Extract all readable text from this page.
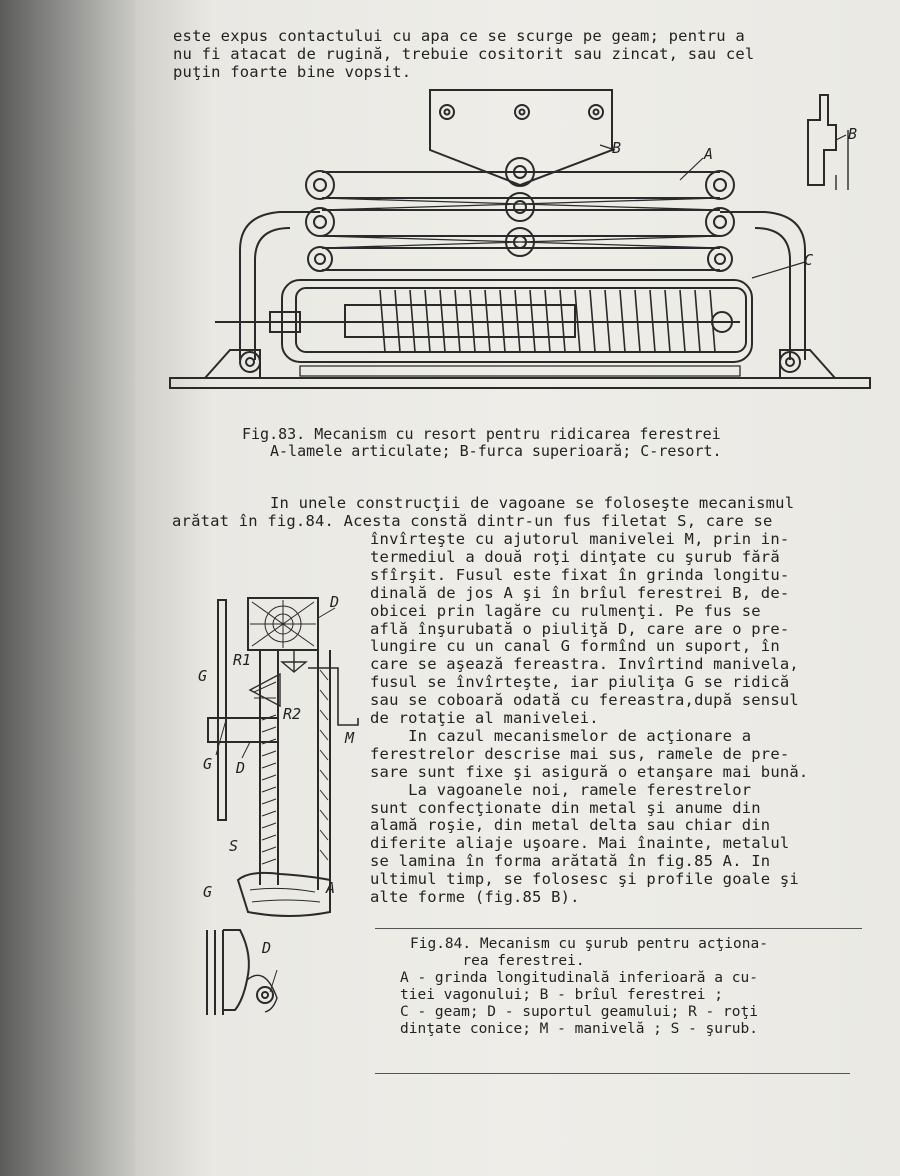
este expus contactului cu apa ce se scurge pe geam; pentru a
nu fi atacat de rugină, trebuie cositorit sau zincat, sau cel
puţin foarte bine vopsit.
A
B
C
B
Fig.83. Mecanism cu resort pentru ridicarea ferestrei
A-lamele articulate; B-furca superioară; C-resort.
In unele construcţii de vagoane se foloseşte mecanismul
arătat în fig.84. Acesta constă dintr-un fus filetat S, care se
învîrteşte cu ajutorul manivelei M, prin in-
termediul a două roţi dinţate cu şurub fără
sfîrşit. Fusul este fixat în grinda longitu-
dinală de jos A şi în brîul ferestrei B, de-
obicei prin lagăre cu rulmenţi. Pe fus se
află înşurubată o piuliţă D, care are o pre-
lungire cu un canal G formînd un suport, în
care se aşează fereastra. Invîrtind manivela,
fusul se învîrteşte, iar piuliţa G se ridică
sau se coboară odată cu fereastra,după sensul
de rotaţie al manivelei.
In cazul mecanismelor de acţionare a
ferestrelor descrise mai sus, ramele de pre-
sare sunt fixe şi asigură o etanşare mai bună.
La vagoanele noi, ramele ferestrelor
sunt confecţionate din metal şi anume din
alamă roşie, din metal delta sau chiar din
diferite aliaje uşoare. Mai înainte, metalul
se lamina în forma arătată în fig.85 A. In
ultimul timp, se folosesc şi profile goale şi
alte forme (fig.85 B).
D
R1
R2
G
M
G D
S
A
G
D	Fig.84. Mecanism cu şurub pentru acţiona-
rea ferestrei.
A - grinda longitudinală inferioară a cu-
tiei vagonului; B - brîul ferestrei ;
C - geam; D - suportul geamului; R - roţi
dinţate conice; M - manivelă ; S - şurub.
